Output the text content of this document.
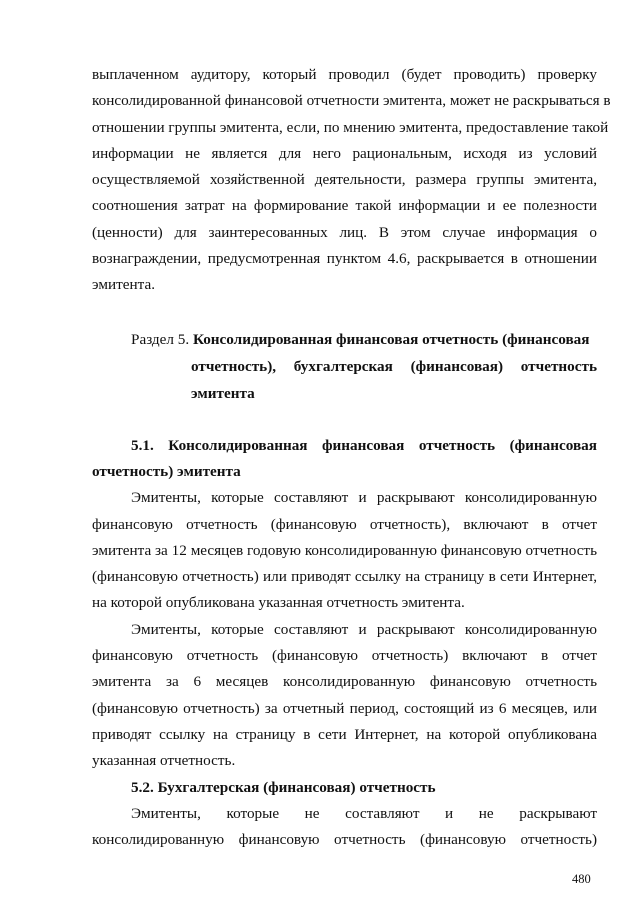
выплаченном аудитору, который проводил (будет проводить) проверку
консолидированной финансовой отчетности эмитента, может не раскрываться в
отношении группы эмитента, если, по мнению эмитента, предоставление такой
информации не является для него рациональным, исходя из условий
осуществляемой хозяйственной деятельности, размера группы эмитента,
соотношения затрат на формирование такой информации и ее полезности
(ценности) для заинтересованных лиц. В этом случае информация о
вознаграждении, предусмотренная пунктом 4.6, раскрывается в отношении
эмитента.
Раздел 5. Консолидированная финансовая отчетность (финансовая
отчетность), бухгалтерская (финансовая) отчетность
эмитента
5.1. Консолидированная финансовая отчетность (финансовая
отчетность) эмитента
Эмитенты, которые составляют и раскрывают консолидированную
финансовую отчетность (финансовую отчетность), включают в отчет
эмитента за 12 месяцев годовую консолидированную финансовую отчетность
(финансовую отчетность) или приводят ссылку на страницу в сети Интернет,
на которой опубликована указанная отчетность эмитента.
Эмитенты, которые составляют и раскрывают консолидированную
финансовую отчетность (финансовую отчетность) включают в отчет
эмитента за 6 месяцев консолидированную финансовую отчетность
(финансовую отчетность) за отчетный период, состоящий из 6 месяцев, или
приводят ссылку на страницу в сети Интернет, на которой опубликована
указанная отчетность.
5.2. Бухгалтерская (финансовая) отчетность
Эмитенты, которые не составляют и не раскрывают
консолидированную финансовую отчетность (финансовую отчетность)
480
